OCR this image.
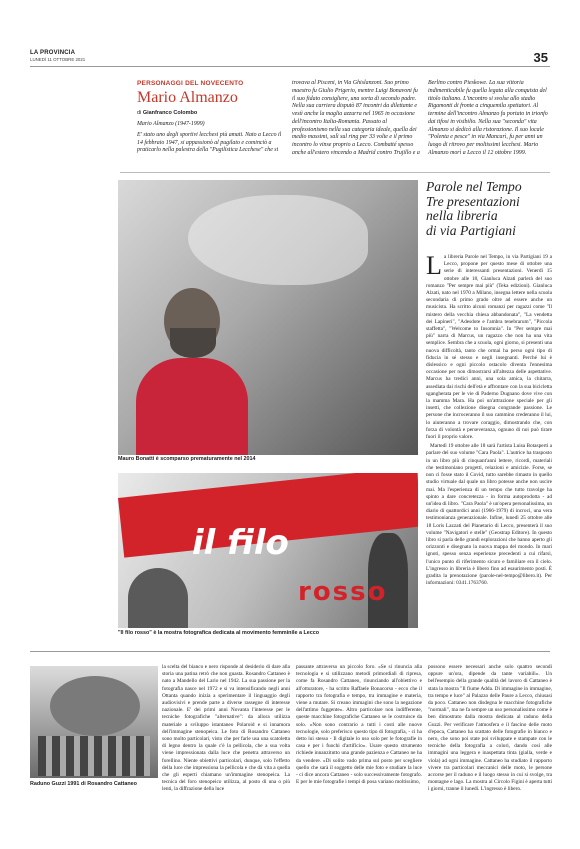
LA PROVINCIA
LUNEDÌ 11 OTTOBRE 2021	35
PERSONAGGI DEL NOVECENTO
Mario Almanzo
di Gianfranco Colombo

Mario Almanzo (1947-1999)

E' stato uno degli sportivi lecchesi più amati. Nato a Lecco il 14 febbraio 1947, si appassionò al pugilato e cominciò a praticarlo nella palestra della "Pugilistica Lecchese" che si

trovava al Pisceni, in Via Ghislanzoni. Suo primo maestro fu Giulio Prigerio, mentre Luigi Bonavoni fu il suo fidato consigliere, una sorta di secondo padre. Nella sua carriera disputò 87 incontri da dilettante e vestì anche la maglia azzurra nel 1965 in occasione dell'incontro Italia-Romania. Passato al professionismo nella sua categoria ideale, quella dei medio massimi, salì sul ring per 33 volte e il primo incontro lo vinse proprio a Lecco. Combatté spesso anche all'estero vincendo a Madrid contro Trujillo e a
Berlino contro Pieskowe. La sua vittoria indimenticabile fu quella legata alla conquista del titolo italiano. L'incontro si svolse allo stadio Rigamonti di fronte a cinquemila spettatori. Al termine dell'incontro Almanzo fu portato in trionfo dai tifosi in visibilio. Nella sua "seconda" vita Almanzo si dedicò alla ristorazione. Il suo locale "Polenta e pesce" in via Mancarì, fu per anni un luogo di ritrovo per moltissimi lecchesi. Mario Almanzo morì a Lecco il 12 ottobre 1999.
Mauro Bonatti è scomparso prematuramente nel 2014
il filo
rosso
"Il filo rosso" è la mostra fotografica dedicata al movimento femminile a Lecco
Parole nel Tempo
Tre presentazioni
nella libreria
di via Partigiani

La libreria Parole nel Tempo, in via Partigiani 19 a Lecco, propone per questo mese di ottobre una serie di interessanti presentazioni. Venerdì 15 ottobre alle 18, Gianluca Alzati parlerà del suo romanzo "Per sempre mai più" (Teka edizioni). Gianluca Alzati, nato nel 1970 a Milano, insegna lettere nella scuola secondaria di primo grado oltre ad essere anche un musicista. Ha scritto alcuni romanzi per ragazzi come "Il mistero della vecchia chiesa abbandonata", "La vendetta dei Lapineri", "Adesdote e l'ambra tenebrarum", "Piccola staffetta", "Welcome to Insomnia". In "Per sempre mai più" narra di Marcus, un ragazzo che non ha una vita semplice. Sembra che a scuola, ogni giorno, si presenti una nuova difficoltà, tanto che ormai ha perso ogni tipo di fiducia in sé stesso e negli insegnanti. Perché lui è dislessico e ogni piccolo ostacolo diventa l'ennesima occasione per non dimostrarsi all'altezza delle aspettative. Marcus ha tredici anni, una sola amica, la chitarra, assediata dai rischi dell'età e affrontare con la sua bicicletta sgangherata per le vie di Paderno Dugnano dove vive con la mamma Mara. Ha poi un'attrazione speciale per gli insetti, che collezione disegna congrande passione. Le persone che incroceranno il suo cammino crederanno il lui, lo aiuteranno a trovare coraggio, dimostrando che, con forza di volontà e perseveranza, ognuno di noi può tirare fuori il proprio valore.

Martedì 19 ottobre alle 18 sarà l'artista Luisa Botasperti a parlare del suo volume "Cara Paola". L'autrice ha trasposto in un libro più di cinquant'anni lettere, ricordi, materiali che testimoniano progetti, relazioni e amicizie. Forse, se non ci fosse stato il Covid, tutto sarebbe rimasto in quello studio virtuale dal quale un libro potesse anche non uscire mai. Ma l'esperienza di un tempo che tutto travolge ha spinto a dare concretezza - in forma autoprodotta - ad un'idea di libro. "Cara Paola" è un'opera personalissima, un diario di quattordici anni (1966-1979) di incroci, una vera testimonianza generazionale. Infine, lunedì 25 ottobre alle 18 Loris Lazzati del Planetario di Lecco, presenterà il suo volume "Navigatori e stelle" (Geostrap Editore). In questo libro si parla delle grandi esplorazioni che hanno aperto gli orizzonti e disegnato la nuova mappa del mondo. In mari ignoti, spesso senza esperienze precedenti a cui rifarsi, l'unico punto di riferimento sicuro e familiare era il cielo. L'ingresso in libreria è libero fino ad esaurimento posti. È gradita la prenotazione (parole-nel-tempo@libero.it). Per informazioni: 0341.1763760.

Raduno Guzzi 1991 di Rosandro Cattaneo
la scelta del bianco e nero risponde al desiderio di dare alla storia una patina retrò che non guasta. Rosandro Cattaneo è nato a Mandello del Lario nel 1942. La sua passione per la fotografia nasce nel 1972 e si va intensificando negli anni Ottanta quando inizia a sperimentare il linguaggio degli audiovisivi e prende parte a diverse rassegne di interesse nazionale. E' dei primi anni Novanta l'interesse per le tecniche fotografiche "alternative": da allora utilizza materiale a sviluppo istantaneo Polaroid e si innamora dell'immagine stenopeica. Le foto di Rosandro Cattaneo sono molto particolari, visto che per farle usa una scatoletta di legno dentro la quale c'è la pellicola, che a sua volta viene impressionata dalla luce che penetra attraverso un forellino. Niente obiettivi particolari, dunque, solo l'effetto della luce che impressiona la pellicola e che dà vita a quella che gli esperti chiamano un'immagine stenopeica. La tecnica del foro stenopeico utilizza, al posto di una o più lenti, la diffrazione della luce
passante attraverso un piccolo foro. «Se si rinuncia alla tecnologia e si utilizzano metodi primordiali di ripresa, come fa Rosandro Cattaneo, rinunciando all'obiettivo e all'otturatore, - ha scritto Raffaele Bonacorso - ecco che il rapporto tra fotografia e tempo, tra immagine e materia, viene a mutare. Si creano immagini che sono la negazione dell'attimo fuggente». Altro particolare non indifferente, queste macchine fotografiche Cattaneo se le costruisce da solo. «Non sono contrario a tutti i costi alle nuove tecnologie, solo preferisco questo tipo di fotografia, - ci ha detto lui stesso - Il digitale lo uso solo per le fotografie in casa e per i fuochi d'artificio». Usare questo strumento richiede innanzitutto una grande pazienza e Cattaneo ne ha da vendere. «Di solito vado prima sul posto per scegliere quello che sarà il soggetto delle mie foto e studiare la luce - ci dice ancora Cattaneo - solo successivamente fotografo. E per le mie fotografie i tempi di posa variano moltissimo,
possono essere necessari anche solo quattro secondi oppure un'ora, dipende da tante variabili». Un bell'esempio della grande qualità del lavoro di Cattaneo è stata la mostra "Il fiume Adda. Di immagine in immagine, tra tempo e luce" al Palazzo delle Paure a Lecco, chiusasi da poco. Cattaneo non disdegna le macchine fotografiche "normali", ma ne fa sempre un uso personalissimo come è ben dimostrato dalla mostra dedicata al raduno della Guzzi. Per verificare l'atmosfera e il fascino delle moto d'epoca, Cattaneo ha scattato delle fotografie in bianco e nero, che sono poi state poi sviluppate e stampate con le tecniche della fotografia a colori, dando così alle immagini una leggera e inaspettata tinta (gialla, verde e viola) ad ogni immagine. Cattaneo ha studiato il rapporto vivere tra particolari meccanici delle moto, le persone accorse per il raduno e il luogo stesso in cui si svolge, tra montagne e lago. La mostra al Circolo Figini è aperta tutti i giorni, tranne il lunedì. L'ingresso è libero.
